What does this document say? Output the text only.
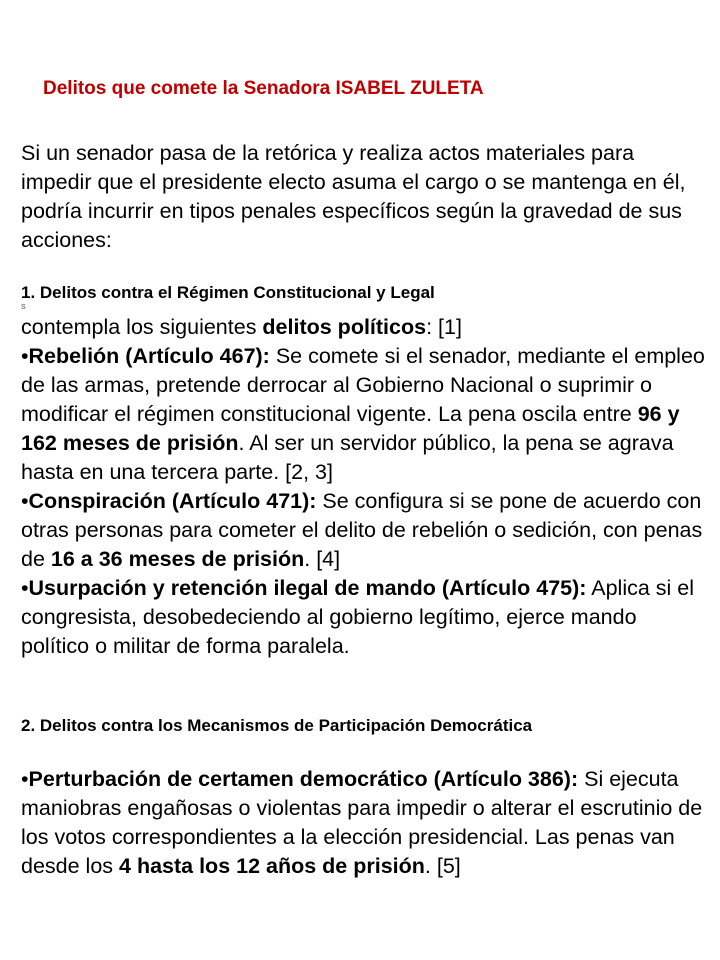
Delitos que comete la Senadora ISABEL ZULETA
Si un senador pasa de la retórica y realiza actos materiales para impedir que el presidente electo asuma el cargo o se mantenga en él, podría incurrir en tipos penales específicos según la gravedad de sus acciones:
1. Delitos contra el Régimen Constitucional y Legal
S

contempla los siguientes delitos políticos: [1]

•Rebelión (Artículo 467): Se comete si el senador, mediante el empleo de las armas, pretende derrocar al Gobierno Nacional o suprimir o modificar el régimen constitucional vigente. La pena oscila entre 96 y 162 meses de prisión. Al ser un servidor público, la pena se agrava hasta en una tercera parte. [2, 3]

•Conspiración (Artículo 471): Se configura si se pone de acuerdo con otras personas para cometer el delito de rebelión o sedición, con penas de 16 a 36 meses de prisión. [4]

•Usurpación y retención ilegal de mando (Artículo 475): Aplica si el congresista, desobedeciendo al gobierno legítimo, ejerce mando político o militar de forma paralela.

2. Delitos contra los Mecanismos de Participación Democrática

•Perturbación de certamen democrático (Artículo 386): Si ejecuta maniobras engañosas o violentas para impedir o alterar el escrutinio de los votos correspondientes a la elección presidencial. Las penas van desde los 4 hasta los 12 años de prisión. [5]
